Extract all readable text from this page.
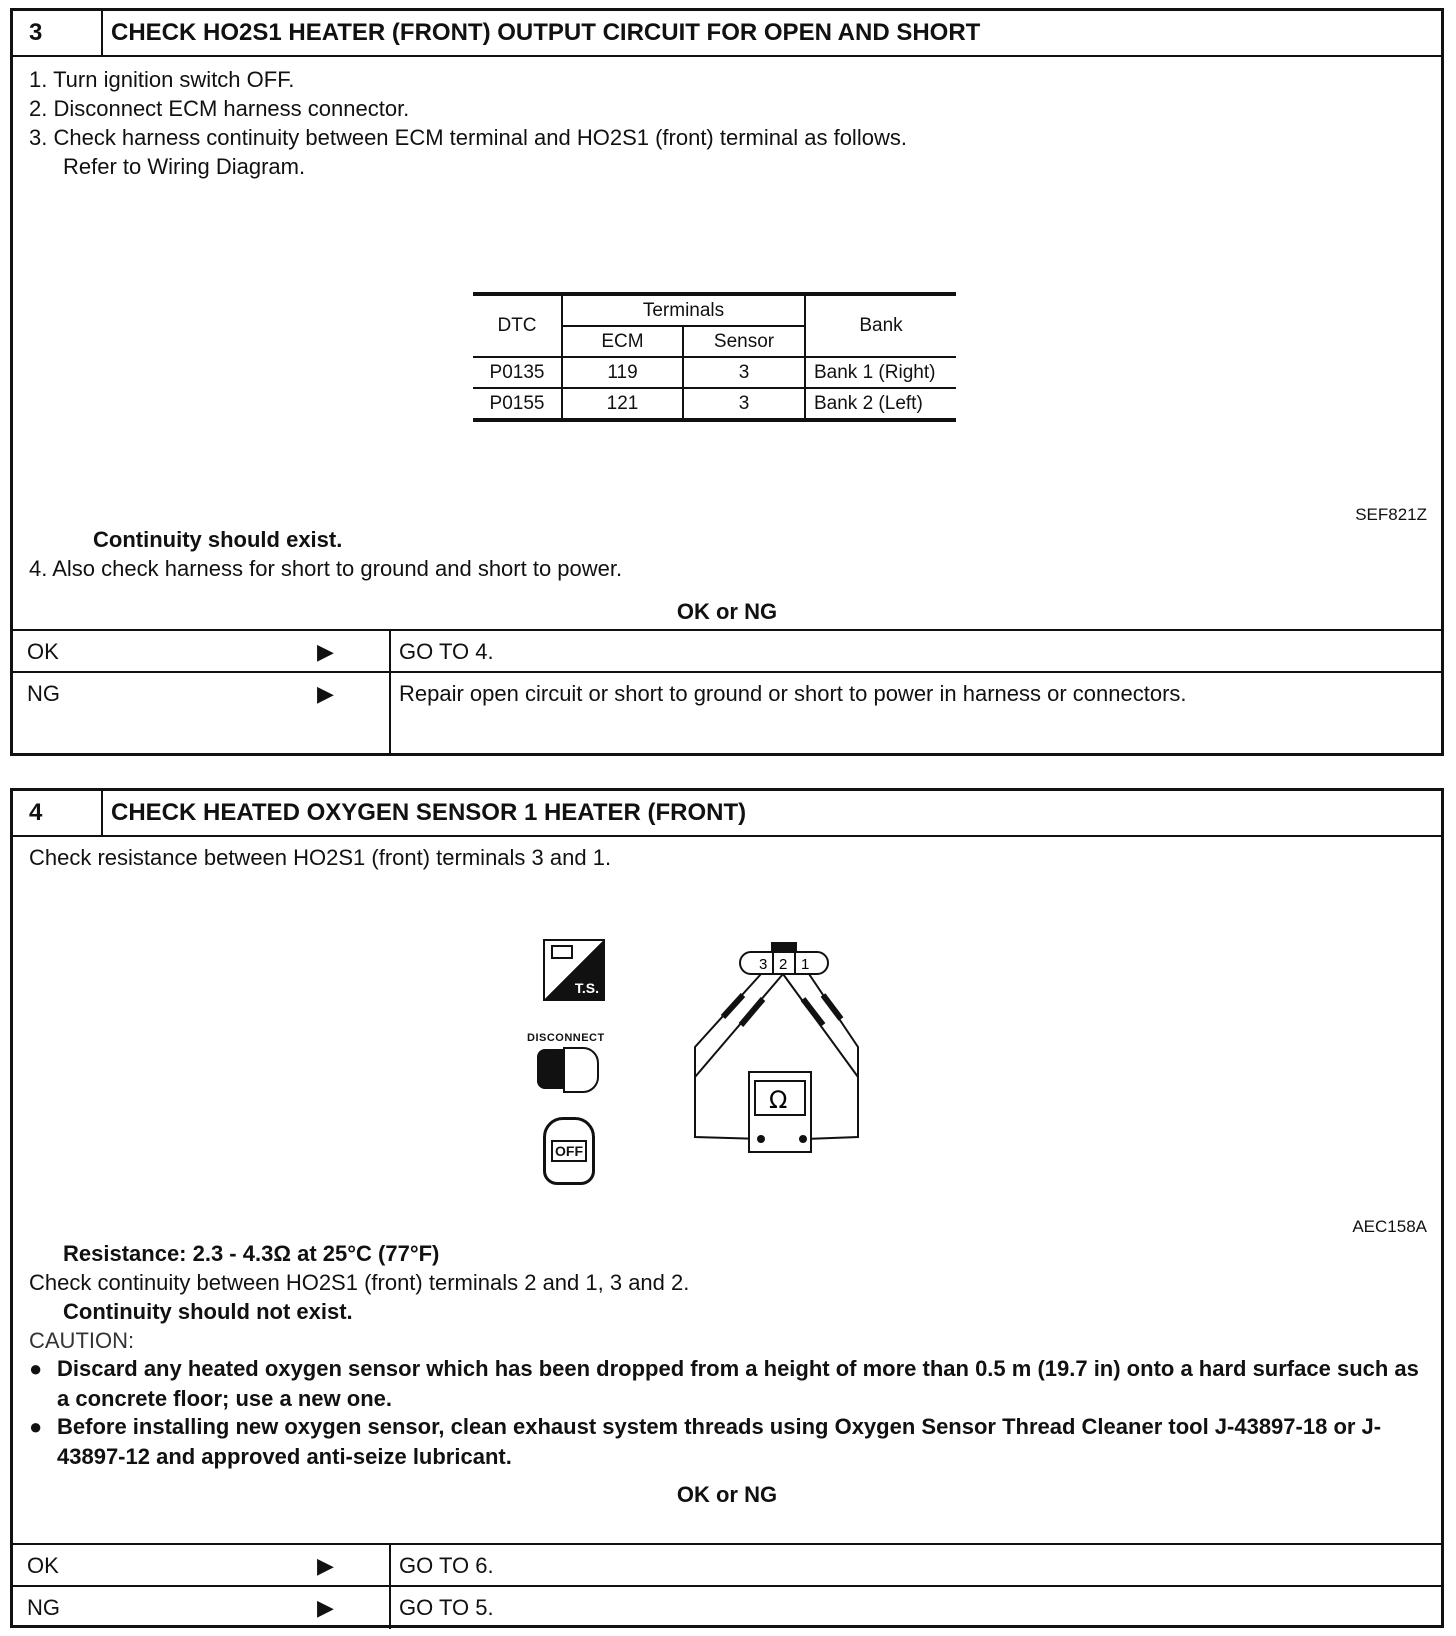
3	CHECK HO2S1 HEATER (FRONT) OUTPUT CIRCUIT FOR OPEN AND SHORT
1. Turn ignition switch OFF.
2. Disconnect ECM harness connector.
3. Check harness continuity between ECM terminal and HO2S1 (front) terminal as follows.
Refer to Wiring Diagram.
DTC	Terminals		Bank
	ECM	Sensor	
P0135	119	3	Bank 1 (Right)
P0155	121	3	Bank 2 (Left)
SEF821Z
Continuity should exist.
4. Also check harness for short to ground and short to power.
OK or NG
OK	▶	GO TO 4.
NG	▶	Repair open circuit or short to ground or short to power in harness or connectors.
4	CHECK HEATED OXYGEN SENSOR 1 HEATER (FRONT)
Check resistance between HO2S1 (front) terminals 3 and 1.
T.S.
DISCONNECT
OFF
3 2 1
Ω
AEC158A
Resistance: 2.3 - 4.3Ω at 25°C (77°F)
Check continuity between HO2S1 (front) terminals 2 and 1, 3 and 2.
Continuity should not exist.
CAUTION:
● Discard any heated oxygen sensor which has been dropped from a height of more than 0.5 m (19.7 in) onto a hard surface such as a concrete floor; use a new one.
● Before installing new oxygen sensor, clean exhaust system threads using Oxygen Sensor Thread Cleaner tool J-43897-18 or J-43897-12 and approved anti-seize lubricant.
OK or NG
OK	▶	GO TO 6.
NG	▶	GO TO 5.
